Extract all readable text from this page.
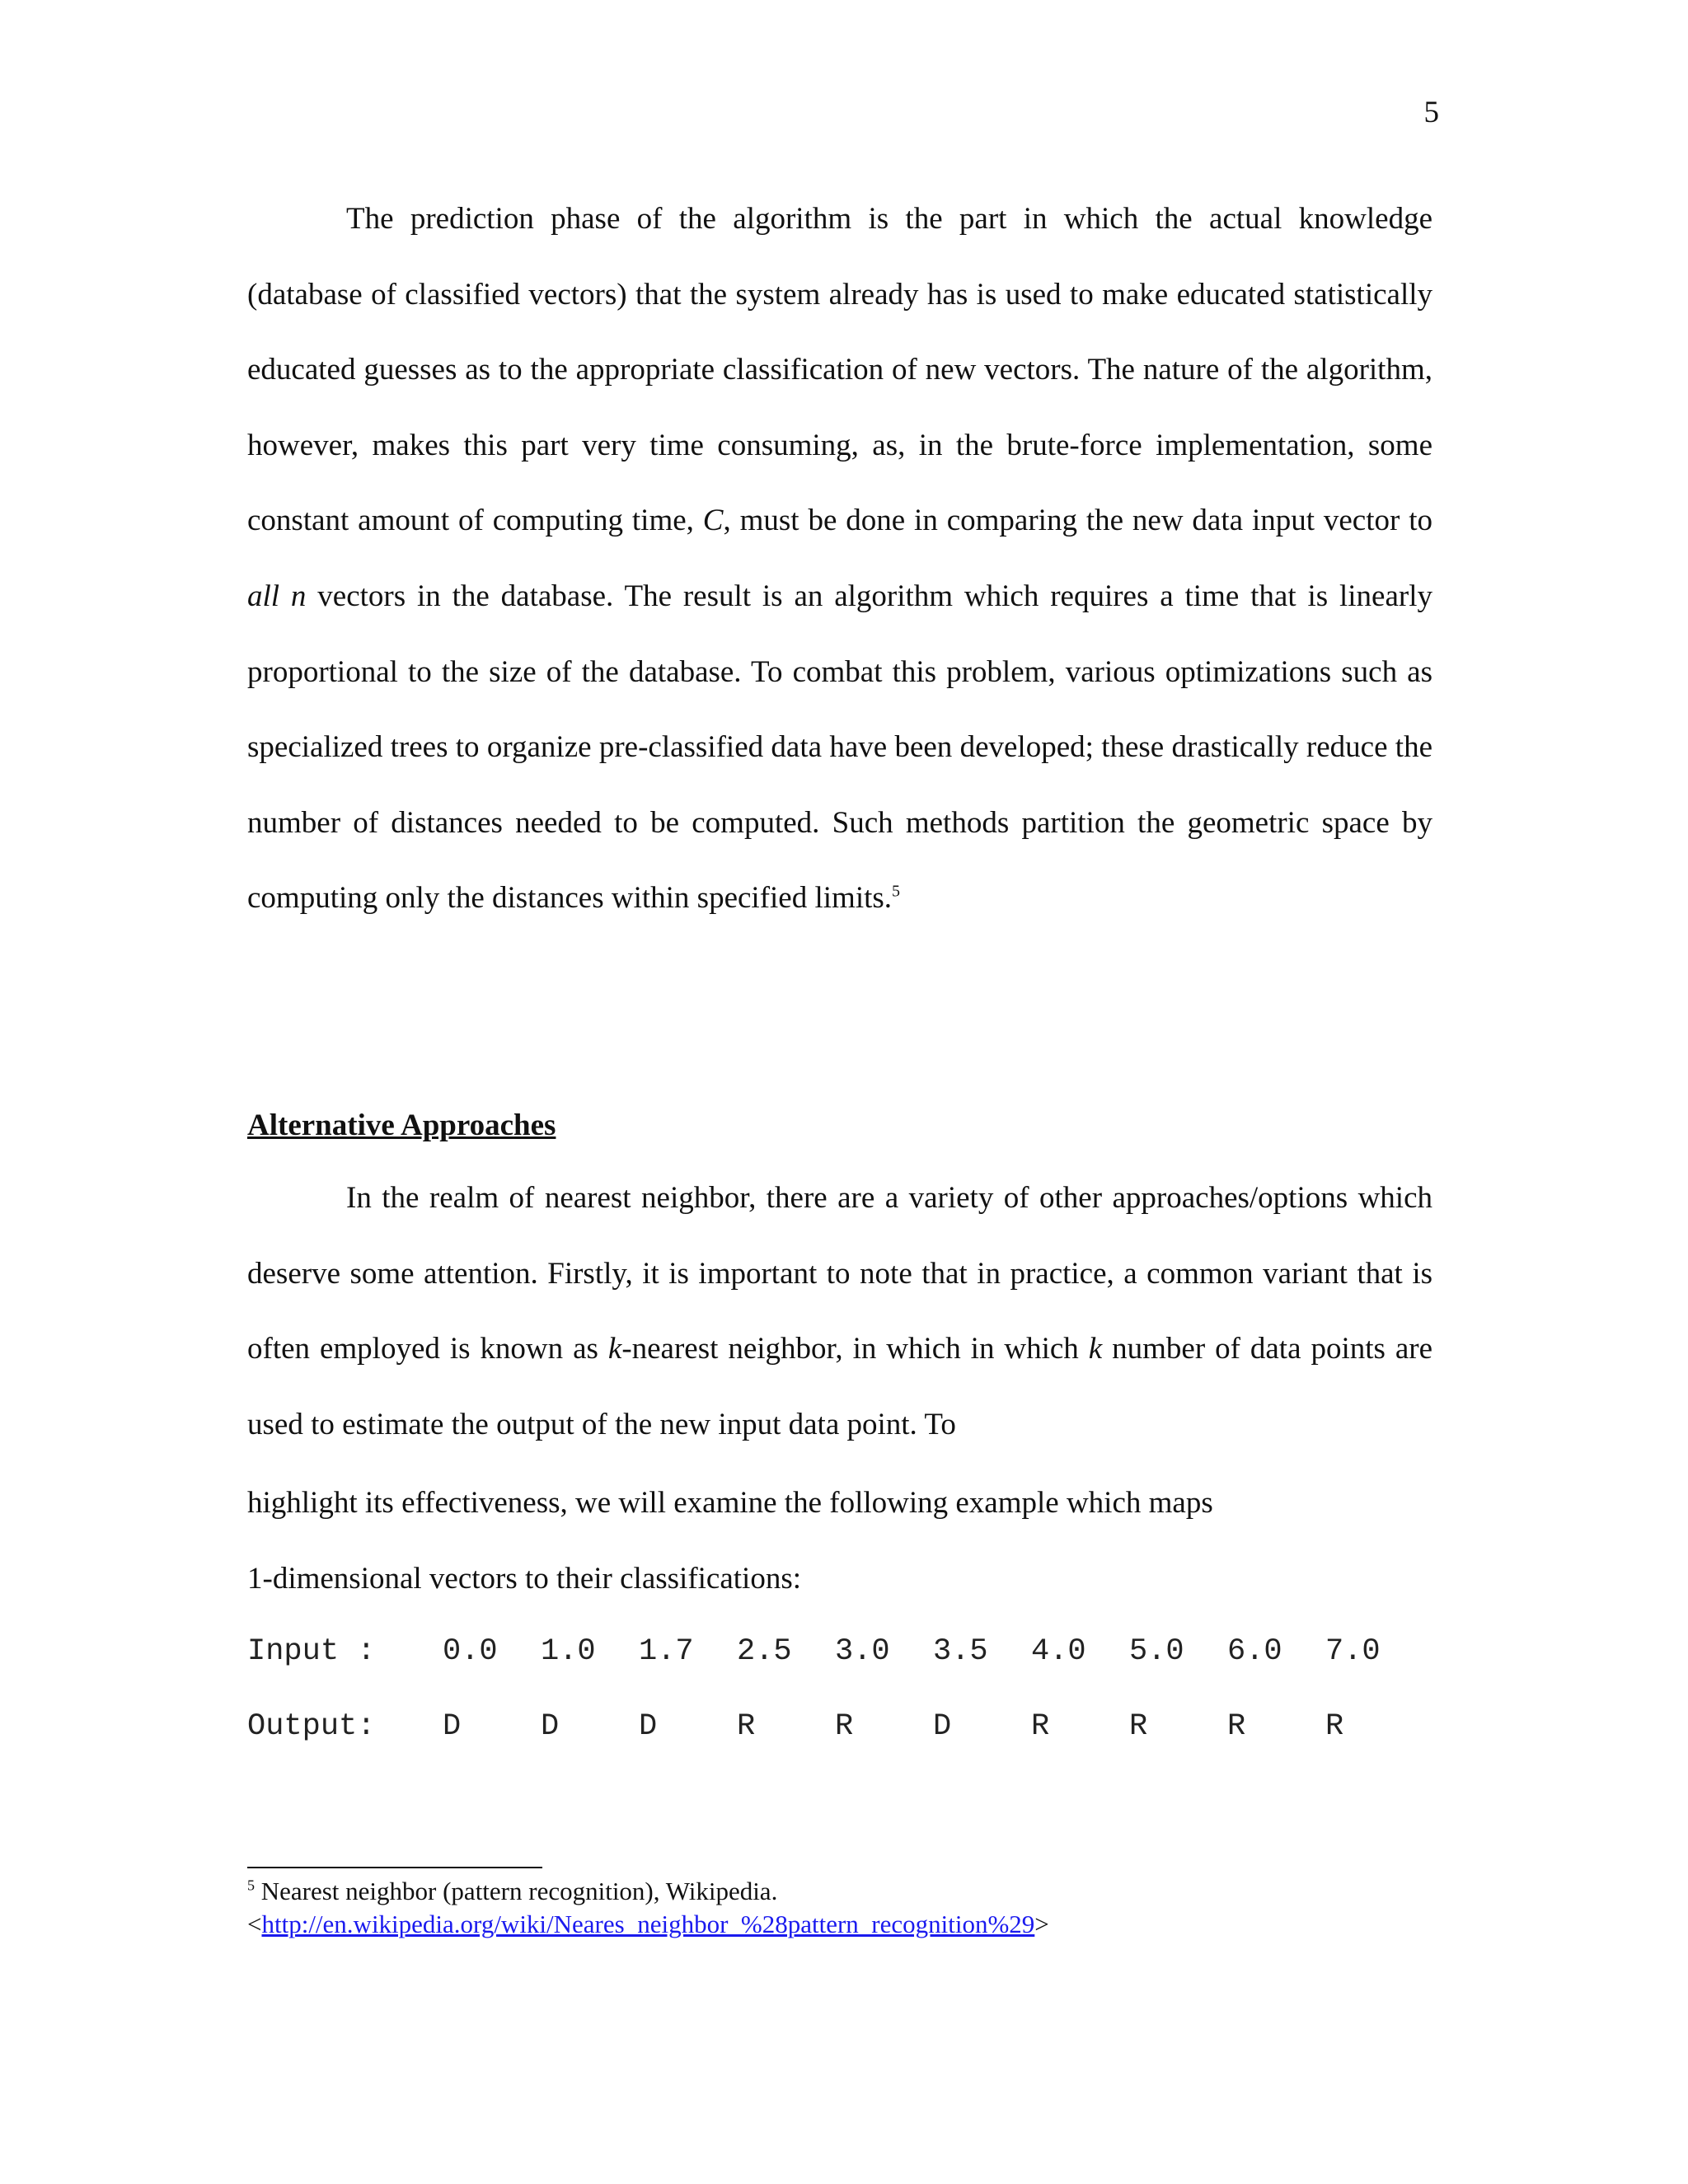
5

The prediction phase of the algorithm is the part in which the actual knowledge (database of classified vectors) that the system already has is used to make educated statistically educated guesses as to the appropriate classification of new vectors. The nature of the algorithm, however, makes this part very time consuming, as, in the brute-force implementation, some constant amount of computing time, C, must be done in comparing the new data input vector to all n vectors in the database. The result is an algorithm which requires a time that is linearly proportional to the size of the database. To combat this problem, various optimizations such as specialized trees to organize pre-classified data have been developed; these drastically reduce the number of distances needed to be computed. Such methods partition the geometric space by computing only the distances within specified limits.$^5$

Alternative Approaches

In the realm of nearest neighbor, there are a variety of other approaches/options which deserve some attention. Firstly, it is important to note that in practice, a common variant that is often employed is known as k-nearest neighbor, in which in which k number of data points are used to estimate the output of the new input data point. To

highlight its effectiveness, we will examine the following example which maps

1-dimensional vectors to their classifications:

Input : 0.0 1.0 1.7 2.5 3.0 3.5 4.0 5.0 6.0 7.0
Output: D	D	D	R	R	D	R	R	R	R
$^5$ Nearest neighbor (pattern recognition), Wikipedia.
<http://en.wikipedia.org/wiki/Neares_neighbor_%28pattern_recognition%29>
